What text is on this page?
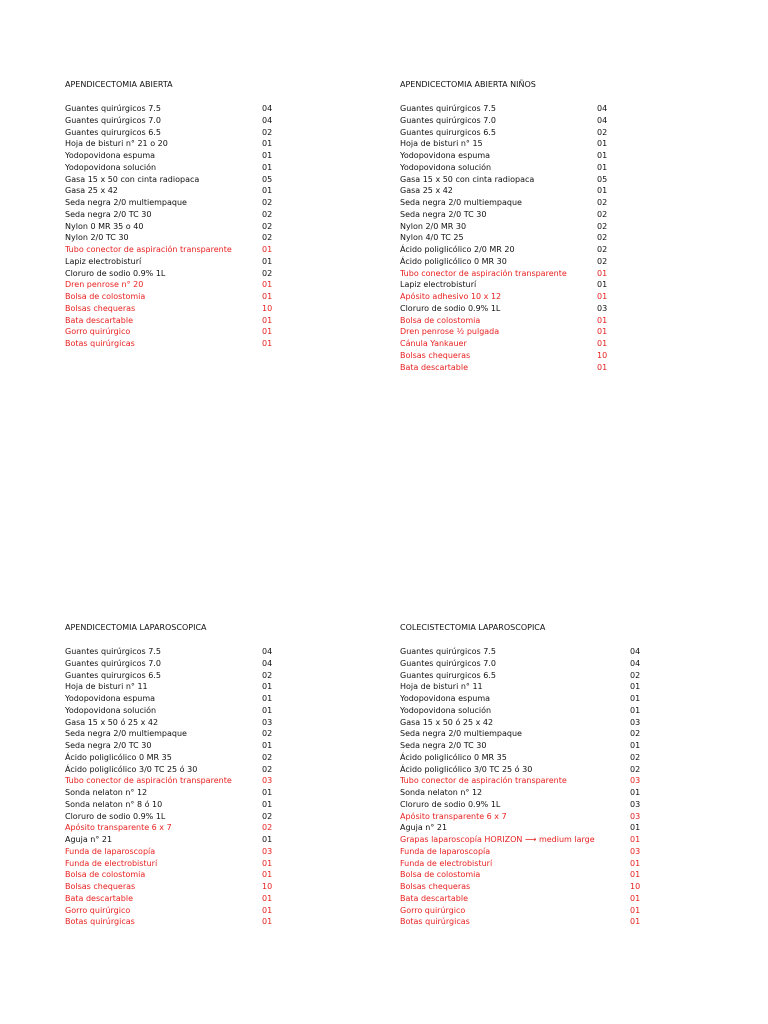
APENDICECTOMIA ABIERTA
Guantes quirúrgicos 7.5	04
Guantes quirúrgicos 7.0	04
Guantes quirurgicos 6.5	02
Hoja de bisturi n° 21 o 20	01
Yodopovidona espuma	01
Yodopovidona solución	01
Gasa 15 x 50 con cinta radiopaca	05
Gasa 25 x 42	01
Seda negra 2/0 multiempaque	02
Seda negra 2/0 TC 30	02
Nylon 0 MR 35 o 40	02
Nylon 2/0 TC 30	02
Tubo conector de aspiración transparente	01
Lapiz electrobisturí	01
Cloruro de sodio 0.9% 1L	02
Dren penrose n° 20	01
Bolsa de colostomia	01
Bolsas chequeras	10
Bata descartable	01
Gorro quirúrgico	01
Botas quirúrgicas	01
APENDICECTOMIA ABIERTA NIÑOS
Guantes quirúrgicos 7.5	04
Guantes quirúrgicos 7.0	04
Guantes quirurgicos 6.5	02
Hoja de bisturi n° 15	01
Yodopovidona espuma	01
Yodopovidona solución	01
Gasa 15 x 50 con cinta radiopaca	05
Gasa 25 x 42	01
Seda negra 2/0 multiempaque	02
Seda negra 2/0 TC 30	02
Nylon 2/0 MR 30	02
Nylon 4/0 TC 25	02
Ácido poliglicólico 2/0 MR 20	02
Ácido poliglicólico 0 MR 30	02
Tubo conector de aspiración transparente	01
Lapiz electrobisturí	01
Apósito adhesivo 10 x 12	01
Cloruro de sodio 0.9% 1L	03
Bolsa de colostomia	01
Dren penrose ½ pulgada	01
Cánula Yankauer	01
Bolsas chequeras	10
Bata descartable	01
APENDICECTOMIA LAPAROSCOPICA
Guantes quirúrgicos 7.5	04
Guantes quirúrgicos 7.0	04
Guantes quirurgicos 6.5	02
Hoja de bisturi n° 11	01
Yodopovidona espuma	01
Yodopovidona solución	01
Gasa 15 x 50 ó 25 x 42	03
Seda negra 2/0 multiempaque	02
Seda negra 2/0 TC 30	01
Ácido poliglicólico 0 MR 35	02
Ácido poliglicólico 3/0 TC 25 ó 30	02
Tubo conector de aspiración transparente	03
Sonda nelaton n° 12	01
Sonda nelaton n° 8 ó 10	01
Cloruro de sodio 0.9% 1L	02
Apósito transparente 6 x 7	02
Aguja n° 21	01
Funda de laparoscopía	03
Funda de electrobisturí	01
Bolsa de colostomia	01
Bolsas chequeras	10
Bata descartable	01
Gorro quirúrgico	01
Botas quirúrgicas	01
COLECISTECTOMIA LAPAROSCOPICA
Guantes quirúrgicos 7.5	04
Guantes quirúrgicos 7.0	04
Guantes quirurgicos 6.5	02
Hoja de bisturi n° 11	01
Yodopovidona espuma	01
Yodopovidona solución	01
Gasa 15 x 50 ó 25 x 42	03
Seda negra 2/0 multiempaque	02
Seda negra 2/0 TC 30	01
Ácido poliglicólico 0 MR 35	02
Ácido poliglicólico 3/0 TC 25 ó 30	02
Tubo conector de aspiración transparente	03
Sonda nelaton n° 12	01
Cloruro de sodio 0.9% 1L	03
Apósito transparente 6 x 7	03
Aguja n° 21	01
Grapas laparoscopía HORIZON ⟶ medium large	01
Funda de laparoscopía	03
Funda de electrobisturí	01
Bolsa de colostomia	01
Bolsas chequeras	10
Bata descartable	01
Gorro quirúrgico	01
Botas quirúrgicas	01
